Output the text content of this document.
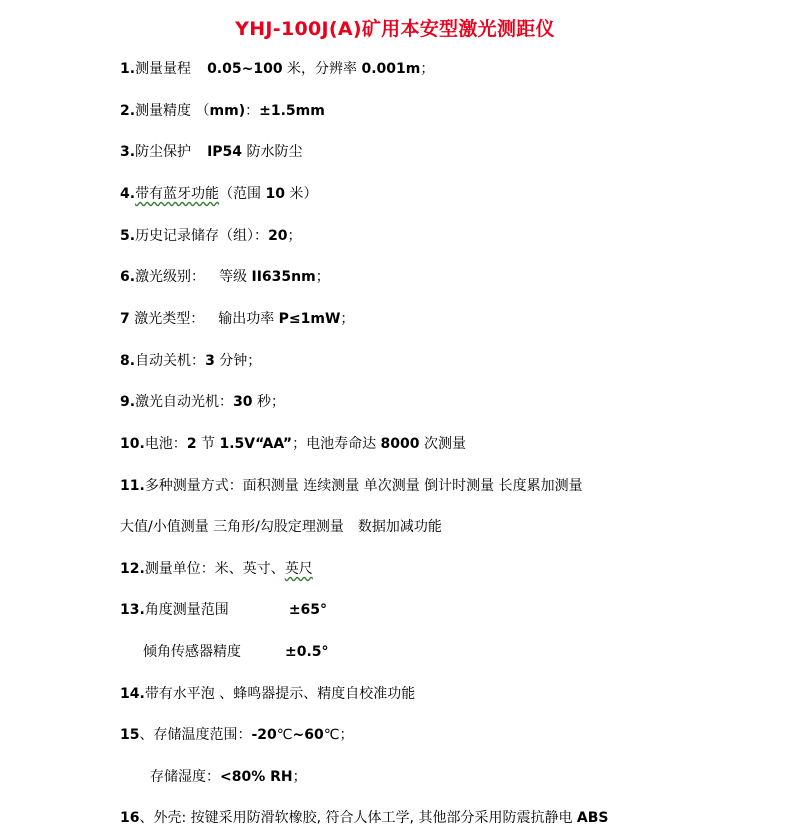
YHJ-100J(A)矿用本安型激光测距仪
1.测量量程 0.05~100 米，分辨率 0.001m；
2.测量精度 （mm)：±1.5mm
3.防尘保护 IP54 防水防尘
4.带有蓝牙功能（范围 10 米）
5.历史记录储存（组）：20；
6.激光级别： 等级 II635nm；
7 激光类型： 输出功率 P≤1mW；
8.自动关机：3 分钟；
9.激光自动光机：30 秒；
10.电池：2 节 1.5V“AA”；电池寿命达 8000 次测量
11.多种测量方式：面积测量 连续测量 单次测量 倒计时测量 长度累加测量
大值/小值测量 三角形/勾股定理测量　数据加减功能
12.测量单位：米、英寸、英尺
13.角度测量范围	±65°
倾角传感器精度	±0.5°
14.带有水平泡 、蜂鸣器提示、精度自校准功能
15、存储温度范围：-20℃~60℃；
存储湿度：<80% RH；
16、外壳: 按键采用防滑软橡胶, 符合人体工学, 其他部分采用防震抗静电 ABS
